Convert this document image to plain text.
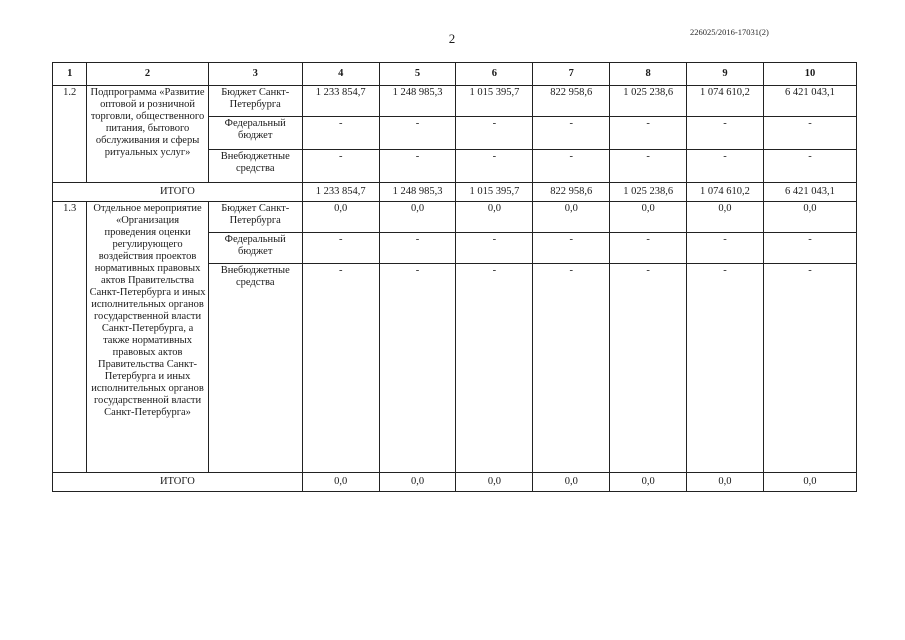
2	226025/2016-17031(2)
1	2	3	4	5	6	7	8	9	10
1.2	Подпрограмма «Развитие оптовой и розничной торговли, общественного питания, бытового обслуживания и сферы ритуальных услуг»	Бюджет Санкт-Петербурга	1 233 854,7	1 248 985,3	1 015 395,7	822 958,6	1 025 238,6	1 074 610,2	6 421 043,1
		Федеральный бюджет	-	-	-	-	-	-	-
		Внебюджетные средства	-	-	-	-	-	-	-
ИТОГО			1 233 854,7	1 248 985,3	1 015 395,7	822 958,6	1 025 238,6	1 074 610,2	6 421 043,1
1.3	Отдельное мероприятие «Организация проведения оценки регулирующего воздействия проектов нормативных правовых актов Правительства Санкт-Петербурга и иных исполнительных органов государственной власти Санкт-Петербурга, а также нормативных правовых актов Правительства Санкт-Петербурга и иных исполнительных органов государственной власти Санкт-Петербурга»	Бюджет Санкт-Петербурга	0,0	0,0	0,0	0,0	0,0	0,0	0,0
		Федеральный бюджет	-	-	-	-	-	-	-
		Внебюджетные средства	-	-	-	-	-	-	-
ИТОГО			0,0	0,0	0,0	0,0	0,0	0,0	0,0
